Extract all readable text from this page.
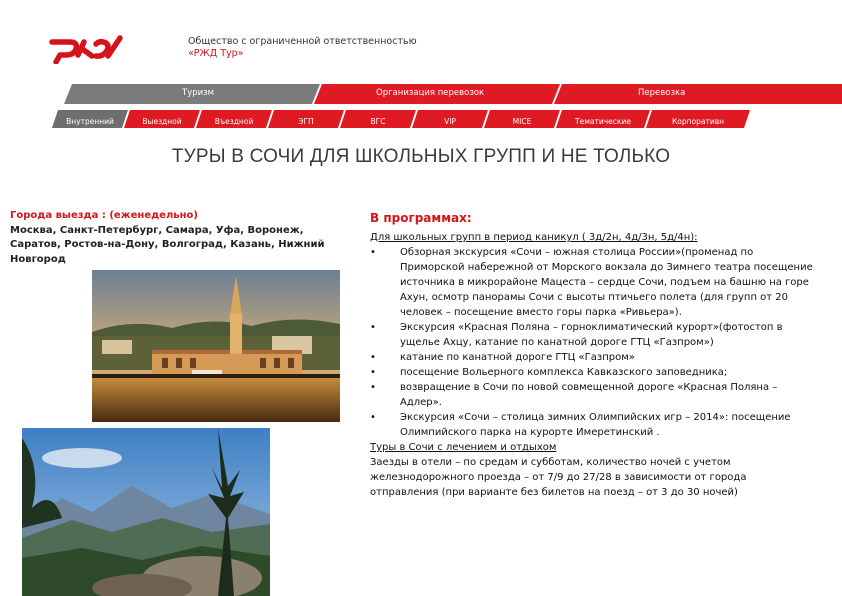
Общество с ограниченной ответственностью
«РЖД Тур»
Туризм	Организация перевозок	Перевозка
Внутренний	Выездной	Въездной	ЭГП	ВГС	VIP	MICE	Тематические	Корпоративн
ТУРЫ В СОЧИ ДЛЯ ШКОЛЬНЫХ ГРУПП И НЕ ТОЛЬКО
Города выезда : (еженедельно)
Москва, Санкт-Петербург, Самара, Уфа, Воронеж, Саратов, Ростов-на-Дону, Волгоград, Казань, Нижний Новгород
В программах:
Для школьных групп в период каникул ( 3д/2н, 4д/3н, 5д/4н):
• Обзорная экскурсия «Сочи – южная столица России»(променад по Приморской набережной от Морского вокзала до Зимнего театра посещение источника в микрорайоне Мацеста – сердце Сочи, подъем на башню на горе Ахун, осмотр панорамы Сочи с высоты птичьего полета (для групп от 20 человек – посещение вместо горы парка «Ривьера»).
• Экскурсия «Красная Поляна – горноклиматический курорт»(фотостоп в ущелье Ахцу, катание по канатной дороге ГТЦ «Газпром»)
• катание по канатной дороге ГТЦ «Газпром»
• посещение Вольерного комплекса Кавказского заповедника;
• возвращение в Сочи по новой совмещенной дороге «Красная Поляна – Адлер».
• Экскурсия «Сочи – столица зимних Олимпийских игр – 2014»: посещение Олимпийского парка на курорте Имеретинский .
Туры в Сочи с лечением и отдыхом

Заезды в отели – по средам и субботам, количество ночей с учетом железнодорожного проезда – от 7/9 до 27/28 в зависимости от города отправления (при варианте без билетов на поезд – от 3 до 30 ночей)
